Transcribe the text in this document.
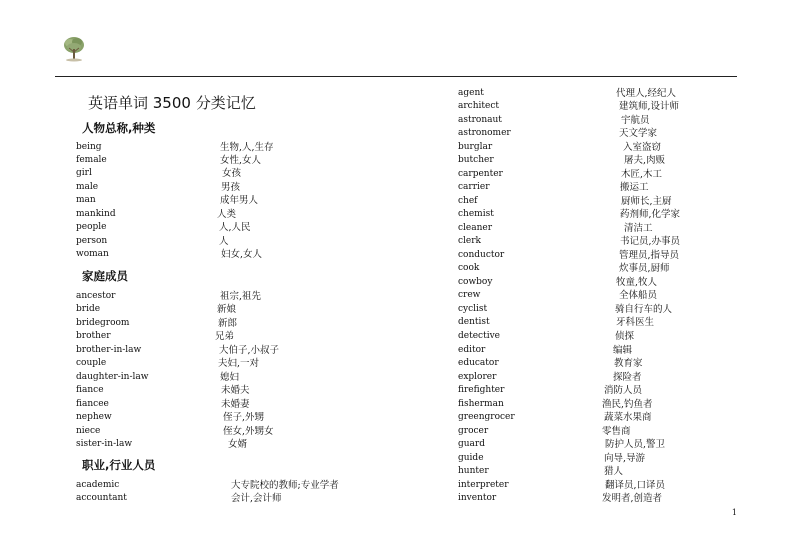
英语单词 3500 分类记忆
人物总称,种类
家庭成员
职业,行业人员
being	生物,人,生存
female	女性,女人
girl	女孩
male	男孩
man	成年男人
mankind	人类
people	人,人民
person	人
woman	妇女,女人
ancestor	祖宗,祖先
bride	新娘
bridegroom	新郎
brother	兄弟
brother-in-law	大伯子,小叔子
couple	夫妇,一对
daughter-in-law	媳妇
fiance	未婚夫
fiancee	未婚妻
nephew	侄子,外甥
niece	侄女,外甥女
sister-in-law	女婿
academic	大专院校的教师;专业学者
accountant	会计,会计师
agent	代理人,经纪人
architect	建筑师,设计师
astronaut	宇航员
astronomer	天文学家
burglar	入室盗窃
butcher	屠夫,肉贩
carpenter	木匠,木工
carrier	搬运工
chef	厨师长,主厨
chemist	药剂师,化学家
cleaner	清洁工
clerk	书记员,办事员
conductor	管理员,指导员
cook	炊事员,厨师
cowboy	牧童,牧人
crew	全体船员
cyclist	骑自行车的人
dentist	牙科医生
detective	侦探
editor	编辑
educator	教育家
explorer	探险者
firefighter	消防人员
fisherman	渔民,钓鱼者
greengrocer	蔬菜水果商
grocer	零售商
guard	防护人员,警卫
guide	向导,导游
hunter	猎人
interpreter	翻译员,口译员
inventor	发明者,创造者
1
